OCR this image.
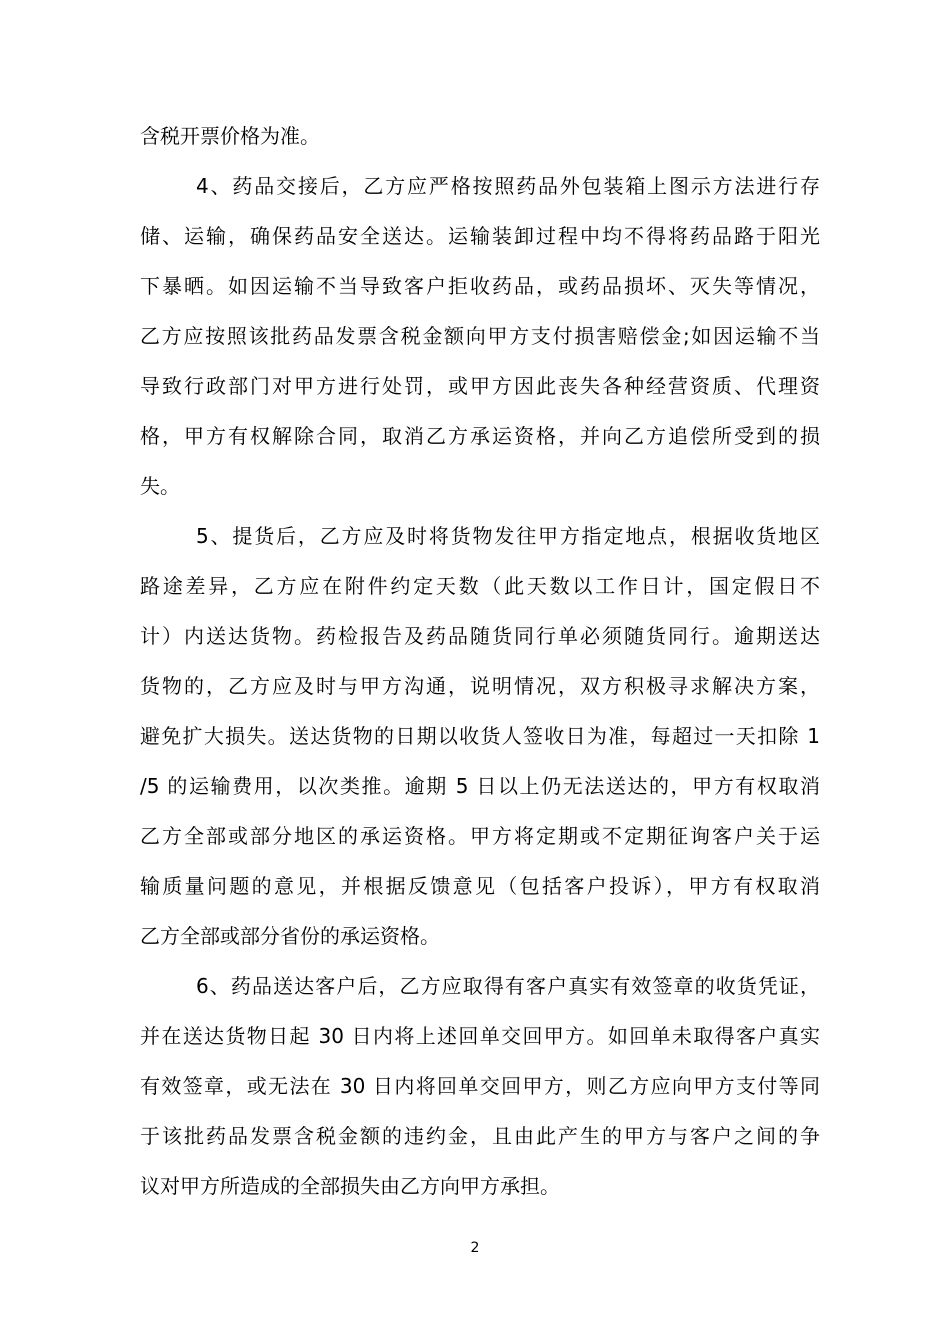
含税开票价格为准。
4、药品交接后，乙方应严格按照药品外包装箱上图示方法进行存
储、运输，确保药品安全送达。运输装卸过程中均不得将药品路于阳光
下暴晒。如因运输不当导致客户拒收药品，或药品损坏、灭失等情况，
乙方应按照该批药品发票含税金额向甲方支付损害赔偿金;如因运输不当
导致行政部门对甲方进行处罚，或甲方因此丧失各种经营资质、代理资
格，甲方有权解除合同，取消乙方承运资格，并向乙方追偿所受到的损
失。
5、提货后，乙方应及时将货物发往甲方指定地点，根据收货地区
路途差异，乙方应在附件约定天数（此天数以工作日计，国定假日不
计）内送达货物。药检报告及药品随货同行单必须随货同行。逾期送达
货物的，乙方应及时与甲方沟通，说明情况，双方积极寻求解决方案，
避免扩大损失。送达货物的日期以收货人签收日为准，每超过一天扣除 1
/5 的运输费用，以次类推。逾期 5 日以上仍无法送达的，甲方有权取消
乙方全部或部分地区的承运资格。甲方将定期或不定期征询客户关于运
输质量问题的意见，并根据反馈意见（包括客户投诉），甲方有权取消
乙方全部或部分省份的承运资格。
6、药品送达客户后，乙方应取得有客户真实有效签章的收货凭证，
并在送达货物日起 30 日内将上述回单交回甲方。如回单未取得客户真实
有效签章，或无法在 30 日内将回单交回甲方，则乙方应向甲方支付等同
于该批药品发票含税金额的违约金，且由此产生的甲方与客户之间的争
议对甲方所造成的全部损失由乙方向甲方承担。
2
